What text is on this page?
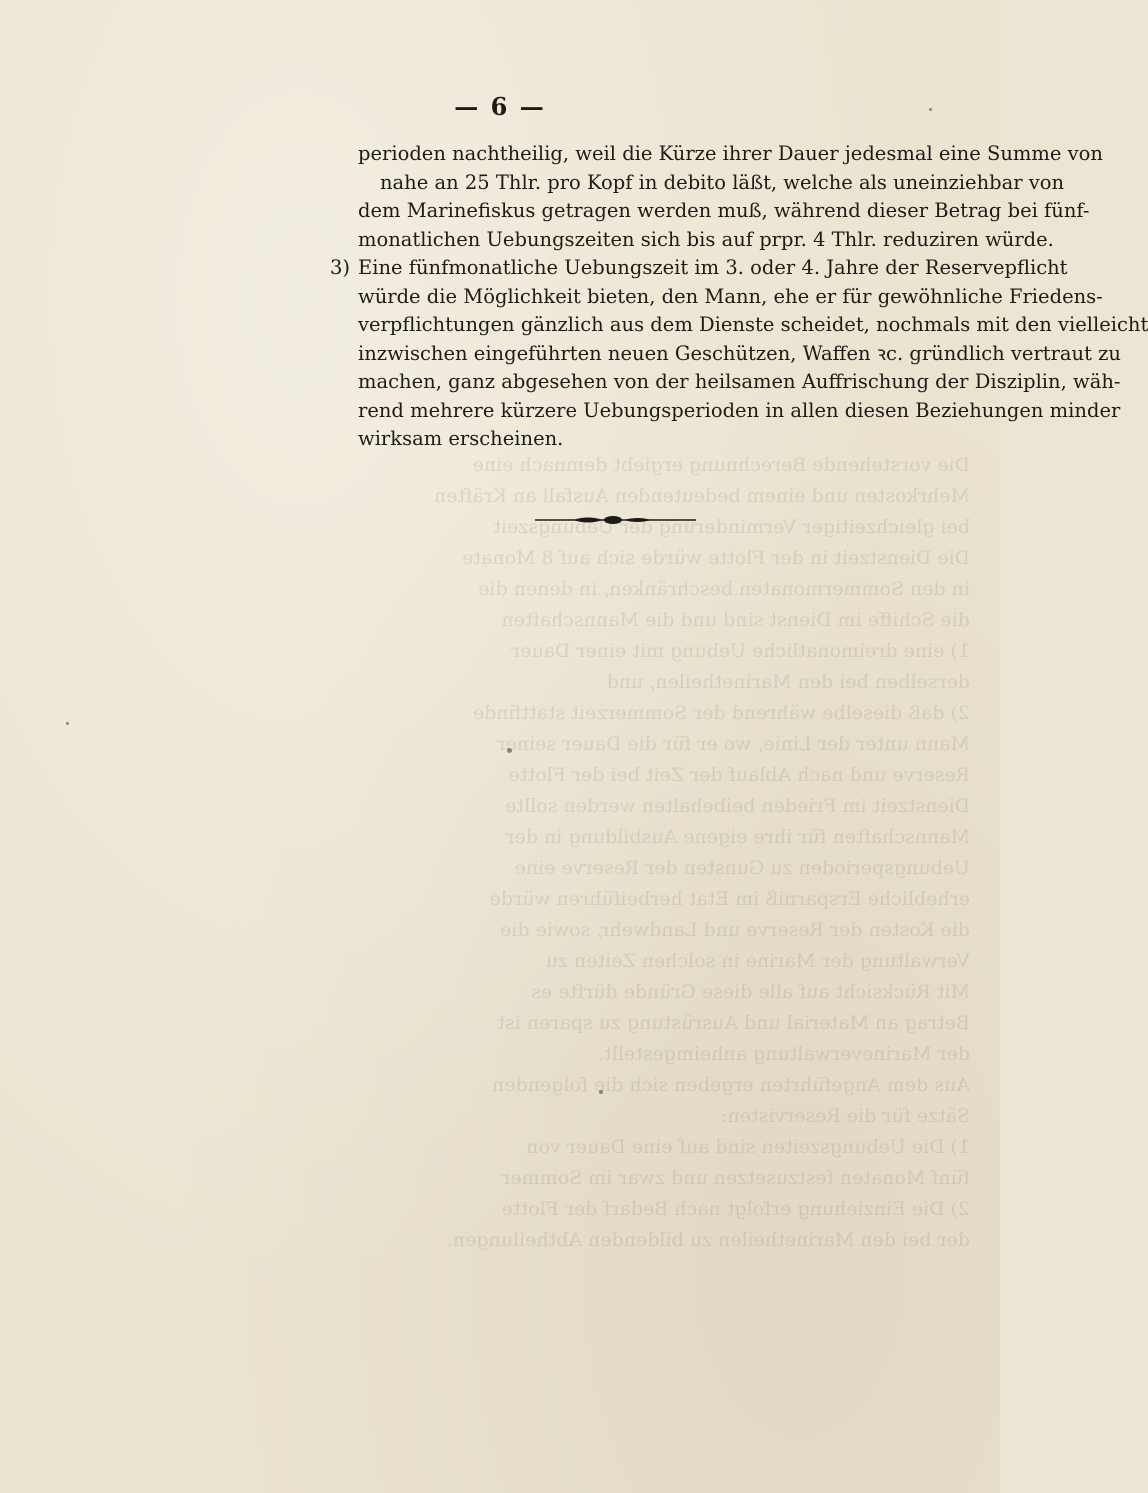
Die vorstehende Berechnung ergiebt demnach eine
Mehrkosten und einem bedeutenden Ausfall an Kräften
bei gleichzeitiger Verminderung der Uebungszeit
Die Dienstzeit in der Flotte würde sich auf 8 Monate
in den Sommermonaten beschränken, in denen die
die Schiffe im Dienst sind und die Mannschaften
1) eine dreimonatliche Uebung mit einer Dauer
derselben bei den Marinetheilen, und
2) daß dieselbe während der Sommerzeit stattfinde
Mann unter der Linie, wo er für die Dauer seiner
Reserve und nach Ablauf der Zeit bei der Flotte
Dienstzeit im Frieden beibehalten werden sollte
Mannschaften für ihre eigene Ausbildung in der
Uebungsperioden zu Gunsten der Reserve eine
erhebliche Ersparniß im Etat herbeiführen würde
die Kosten der Reserve und Landwehr, sowie die
Verwaltung der Marine in solchen Zeiten zu
Mit Rücksicht auf alle diese Gründe dürfte es
Betrag an Material und Ausrüstung zu sparen ist
der Marineverwaltung anheimgestellt.
Aus dem Angeführten ergeben sich die folgenden
Sätze für die Reservisten:
1) Die Uebungszeiten sind auf eine Dauer von
fünf Monaten festzusetzen und zwar im Sommer
2) Die Einziehung erfolgt nach Bedarf der Flotte
der bei den Marinetheilen zu bildenden Abtheilungen.
— 6 —
perioden nachtheilig, weil die Kürze ihrer Dauer jedesmal eine Summe von
nahe an 25 Thlr. pro Kopf in debito läßt, welche als uneinziehbar von
dem Marinefiskus getragen werden muß, während dieser Betrag bei fünf-
monatlichen Uebungszeiten sich bis auf prpr. 4 Thlr. reduziren würde.
3) Eine fünfmonatliche Uebungszeit im 3. oder 4. Jahre der Reservepflicht
würde die Möglichkeit bieten, den Mann, ehe er für gewöhnliche Friedens-
verpflichtungen gänzlich aus dem Dienste scheidet, nochmals mit den vielleicht
inzwischen eingeführten neuen Geschützen, Waffen ꝛc. gründlich vertraut zu
machen, ganz abgesehen von der heilsamen Auffrischung der Disziplin, wäh-
rend mehrere kürzere Uebungsperioden in allen diesen Beziehungen minder
wirksam erscheinen.
